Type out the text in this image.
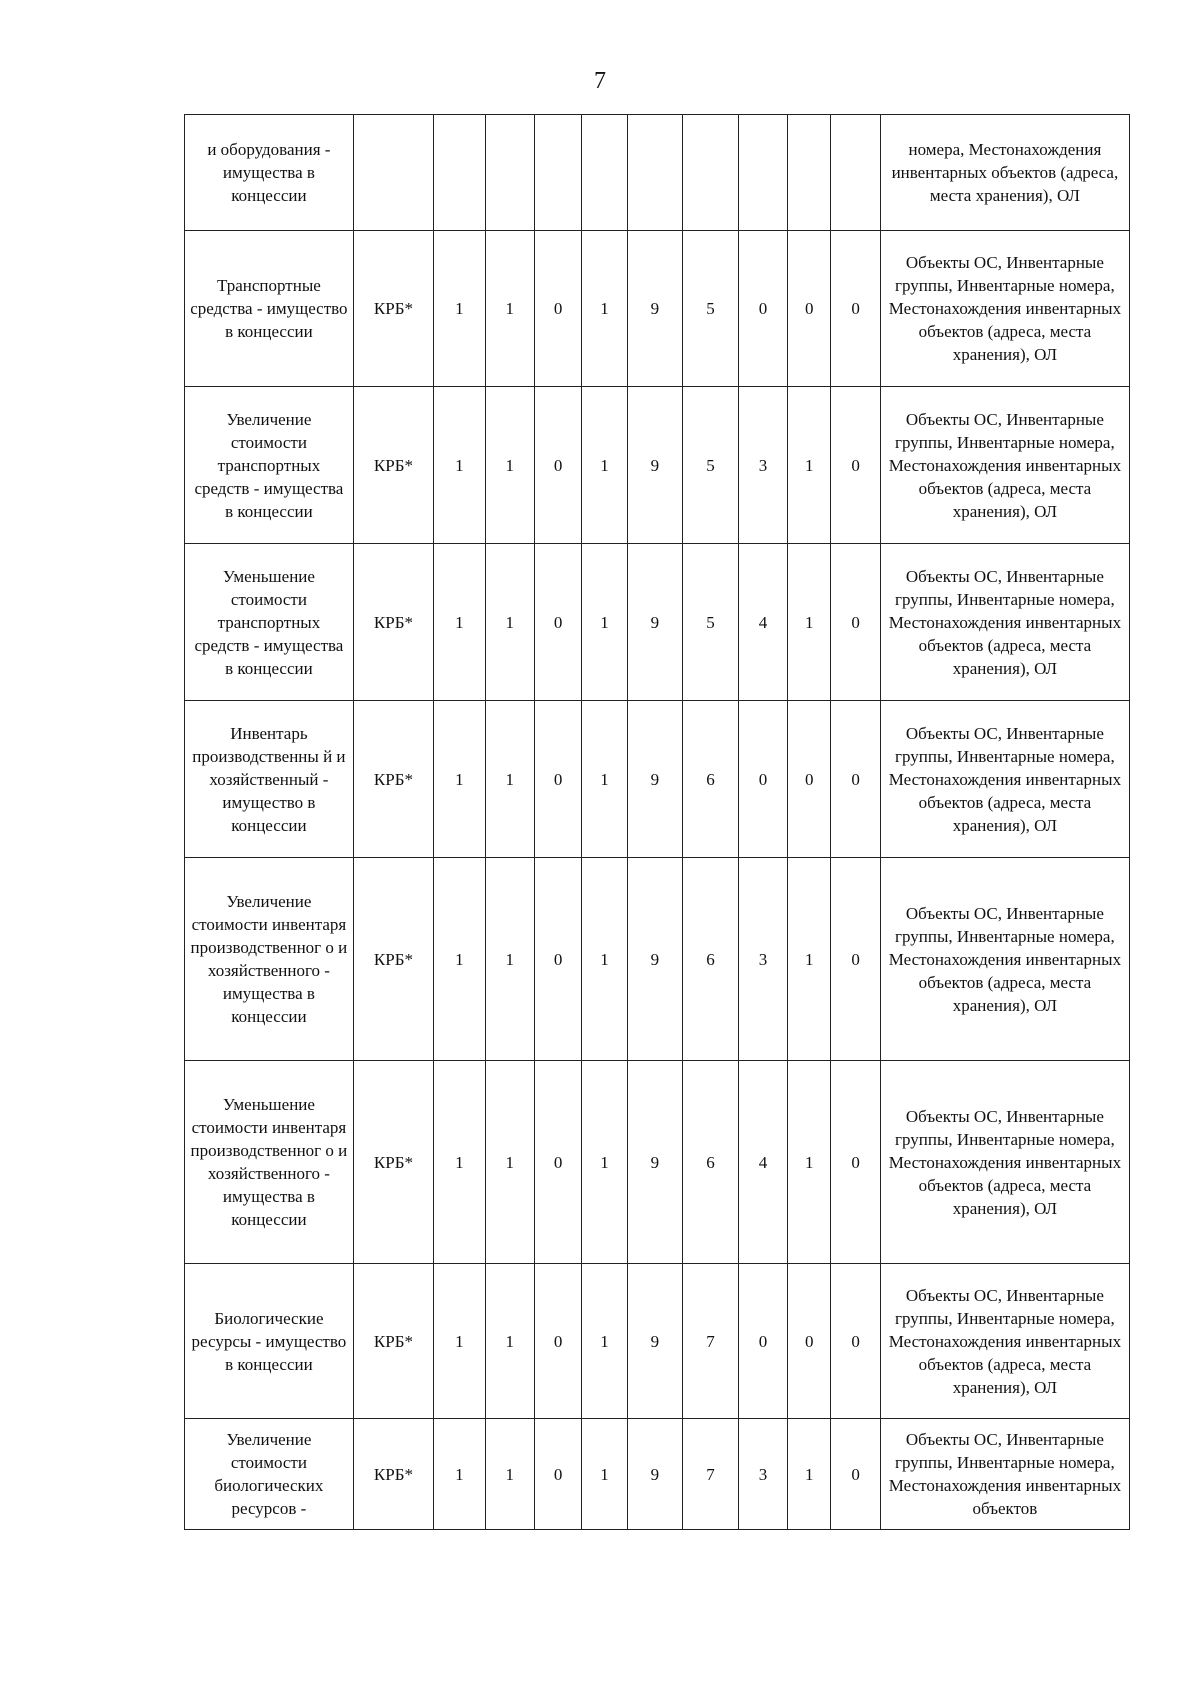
7
и оборудования - имущества в концессии											номера, Местонахождения инвентарных объектов (адреса, места хранения), ОЛ
Транспортные средства - имущество в концессии	КРБ*	1	1	0	1	9	5	0	0	0	Объекты ОС, Инвентарные группы, Инвентарные номера, Местонахождения инвентарных объектов (адреса, места хранения), ОЛ
Увеличение стоимости транспортных средств - имущества в концессии	КРБ*	1	1	0	1	9	5	3	1	0	Объекты ОС, Инвентарные группы, Инвентарные номера, Местонахождения инвентарных объектов (адреса, места хранения), ОЛ
Уменьшение стоимости транспортных средств - имущества в концессии	КРБ*	1	1	0	1	9	5	4	1	0	Объекты ОС, Инвентарные группы, Инвентарные номера, Местонахождения инвентарных объектов (адреса, места хранения), ОЛ
Инвентарь производственны й и хозяйственный - имущество в концессии	КРБ*	1	1	0	1	9	6	0	0	0	Объекты ОС, Инвентарные группы, Инвентарные номера, Местонахождения инвентарных объектов (адреса, места хранения), ОЛ
Увеличение стоимости инвентаря производственног о и хозяйственного - имущества в концессии	КРБ*	1	1	0	1	9	6	3	1	0	Объекты ОС, Инвентарные группы, Инвентарные номера, Местонахождения инвентарных объектов (адреса, места хранения), ОЛ
Уменьшение стоимости инвентаря производственног о и хозяйственного - имущества в концессии	КРБ*	1	1	0	1	9	6	4	1	0	Объекты ОС, Инвентарные группы, Инвентарные номера, Местонахождения инвентарных объектов (адреса, места хранения), ОЛ
Биологические ресурсы - имущество в концессии	КРБ*	1	1	0	1	9	7	0	0	0	Объекты ОС, Инвентарные группы, Инвентарные номера, Местонахождения инвентарных объектов (адреса, места хранения), ОЛ
Увеличение стоимости биологических ресурсов -	КРБ*	1	1	0	1	9	7	3	1	0	Объекты ОС, Инвентарные группы, Инвентарные номера, Местонахождения инвентарных объектов
